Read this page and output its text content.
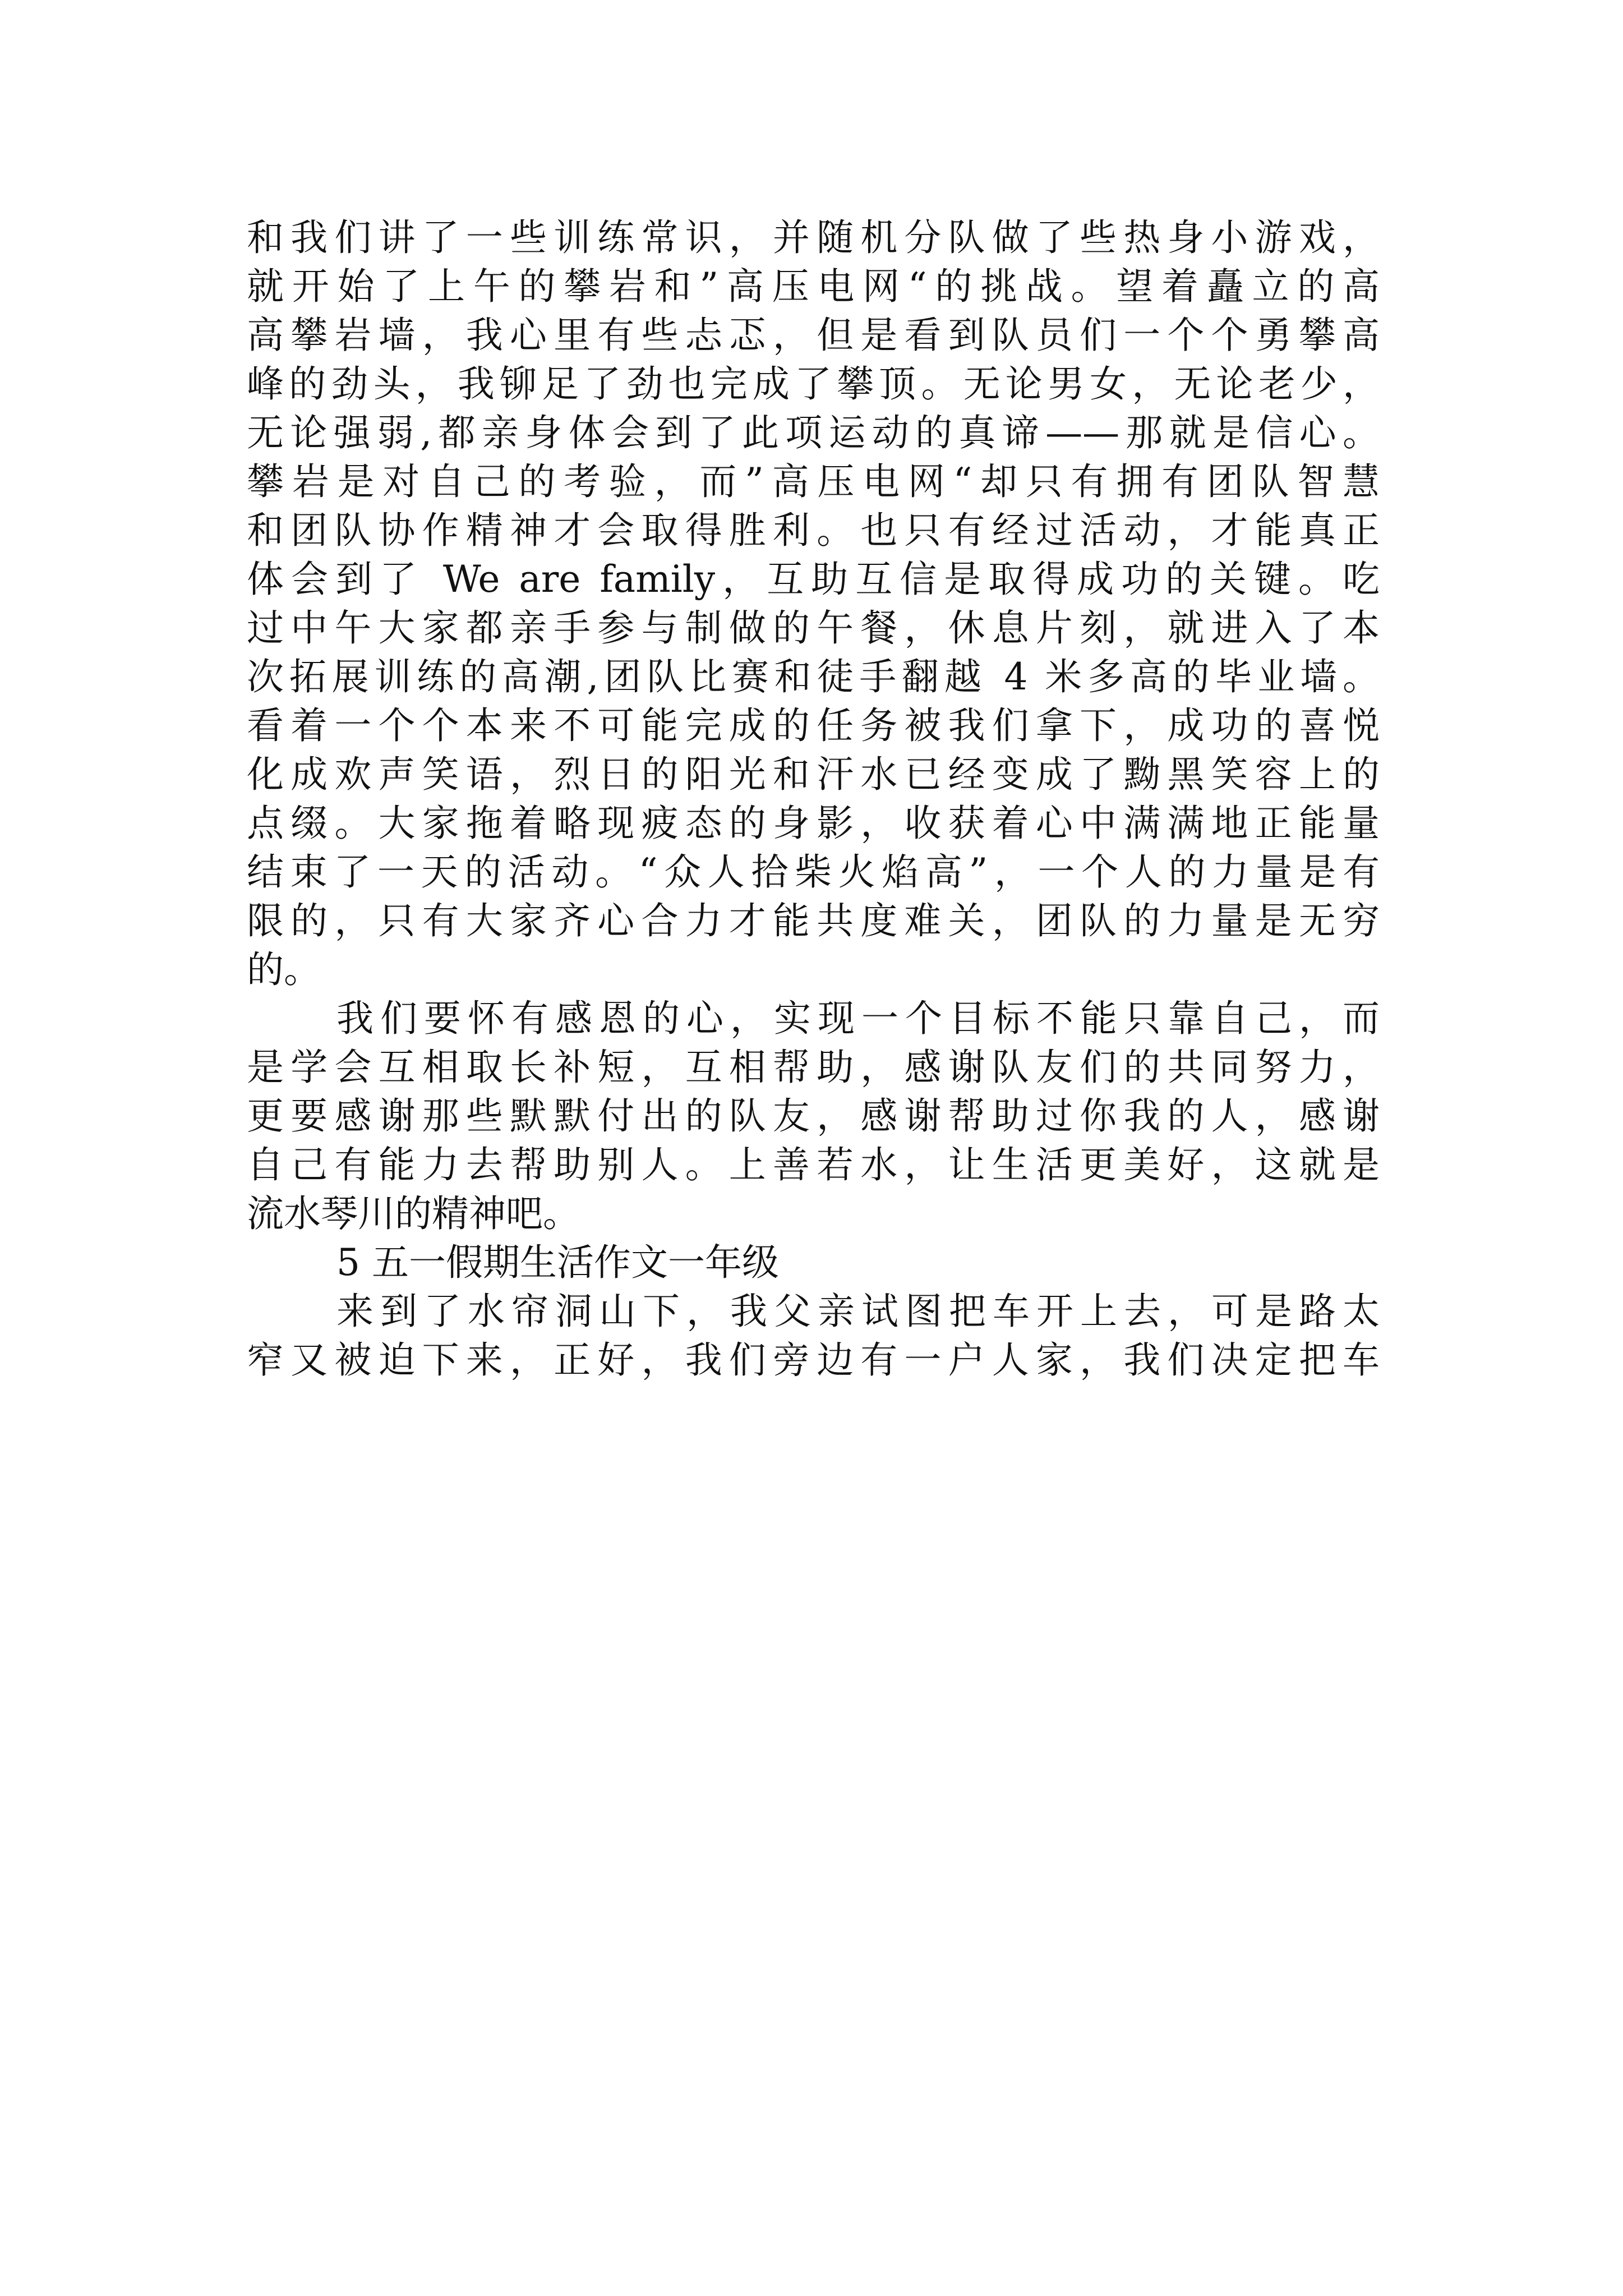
和我们讲了一些训练常识，并随机分队做了些热身小游戏，
就开始了上午的攀岩和”高压电网“的挑战。望着矗立的高
高攀岩墙，我心里有些忐忑，但是看到队员们一个个勇攀高
峰的劲头，我铆足了劲也完成了攀顶。无论男女，无论老少，
无论强弱,都亲身体会到了此项运动的真谛——那就是信心。
攀岩是对自己的考验，而”高压电网“却只有拥有团队智慧
和团队协作精神才会取得胜利。也只有经过活动，才能真正
体会到了 We are family，互助互信是取得成功的关键。吃
过中午大家都亲手参与制做的午餐，休息片刻，就进入了本
次拓展训练的高潮,团队比赛和徒手翻越 4 米多高的毕业墙。
看着一个个本来不可能完成的任务被我们拿下，成功的喜悦
化成欢声笑语，烈日的阳光和汗水已经变成了黝黑笑容上的
点缀。大家拖着略现疲态的身影，收获着心中满满地正能量
结束了一天的活动。“众人拾柴火焰高”，一个人的力量是有
限的，只有大家齐心合力才能共度难关，团队的力量是无穷
的。
我们要怀有感恩的心，实现一个目标不能只靠自己，而
是学会互相取长补短，互相帮助，感谢队友们的共同努力，
更要感谢那些默默付出的队友，感谢帮助过你我的人，感谢
自己有能力去帮助别人。上善若水，让生活更美好，这就是
流水琴川的精神吧。
5 五一假期生活作文一年级
来到了水帘洞山下，我父亲试图把车开上去，可是路太
窄又被迫下来，正好，我们旁边有一户人家，我们决定把车
